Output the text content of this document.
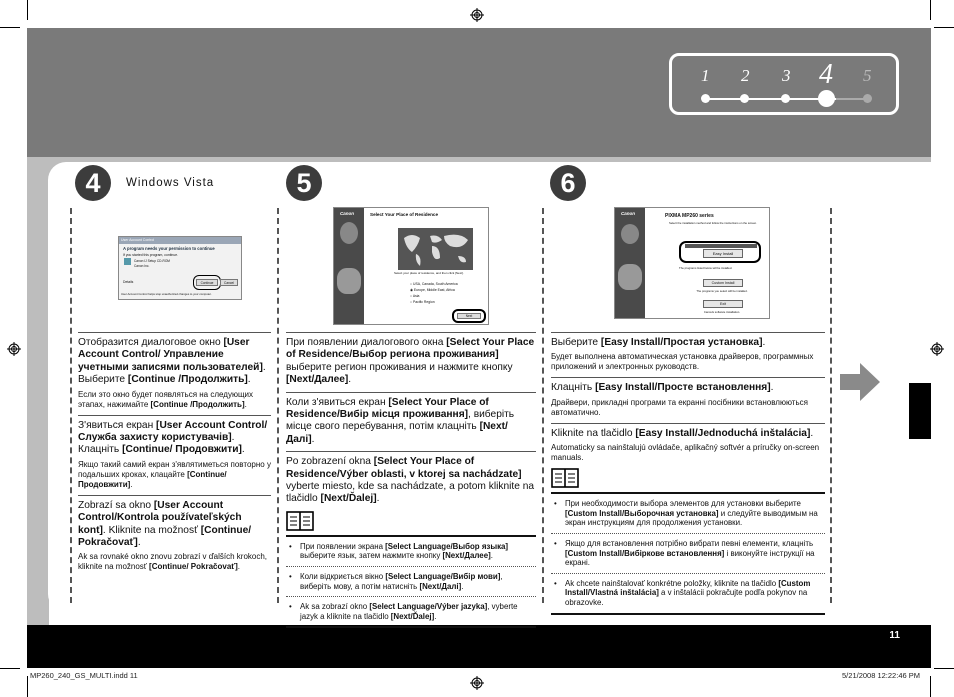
1 2 3 4 5
4	Windows Vista	5	6
User Account Control
A program needs your permission to continue
If you started this program, continue.
Canon IJ Setup CD-ROM
Canon Inc.
Details	Continue	Cancel
User Account Control helps stop unauthorized changes to your computer.
Canon	Select Your Place of Residence
Select your place of residence, and then click [Next].
○ USA, Canada, South America
◉ Europe, Middle East, Africa
○ Asia
○ Pacific Region
Next
Canon	PIXMA MP260 series
Select the installation method and follow the instructions on the screen.
Easy Install
The programs listed below will be installed.
Custom Install
The programs you select will be installed.
Exit
Cancels software installation.

Отобразится диалоговое окно [User Account Control/ Управление учетными записями пользователей]. Выберите [Continue /Продолжить].

Если это окно будет появляться на следующих этапах, нажимайте [Continue /Продолжить].

З'явиться екран [User Account Control/Служба захисту користувачів]. Клацніть [Continue/ Продовжити].

Якщо такий самий екран з'являтиметься повторно у подальших кроках, клацайте [Continue/Продовжити].

Zobrazí sa okno [User Account Control/Kontrola používateľských kont]. Kliknite na možnosť [Continue/ Pokračovať].

Ak sa rovnaké okno znovu zobrazí v ďalších krokoch, kliknite na možnosť [Continue/ Pokračovať].

При появлении диалогового окна [Select Your Place of Residence/Выбор региона проживания] выберите регион проживания и нажмите кнопку [Next/Далее].

Коли з'явиться екран [Select Your Place of Residence/Вибір місця проживання], виберіть місце свого перебування, потім клацніть [Next/Далі].

Po zobrazení okna [Select Your Place of Residence/Výber oblasti, v ktorej sa nachádzate] vyberte miesto, kde sa nachádzate, a potom kliknite na tlačidlo [Next/Ďalej].

• При появлении экрана [Select Language/Выбор языка] выберите язык, затем нажмите кнопку [Next/Далее].
• Коли відкриється вікно [Select Language/Вибір мови], виберіть мову, а потім натисніть [Next/Далі].
• Ak sa zobrazí okno [Select Language/Výber jazyka], vyberte jazyk a kliknite na tlačidlo [Next/Ďalej].

Выберите [Easy Install/Простая установка].

Будет выполнена автоматическая установка драйверов, программных приложений и электронных руководств.

Клацніть [Easy Install/Просте встановлення].

Драйвери, прикладні програми та екранні посібники встановлюються автоматично.

Kliknite na tlačidlo [Easy Install/Jednoduchá inštalácia].

Automaticky sa nainštalujú ovládače, aplikačný softvér a príručky on-screen manuals.

• При необходимости выбора элементов для установки выберите [Custom Install/Выборочная установка] и следуйте выводимым на экран инструкциям для продолжения установки.
• Якщо для встановлення потрібно вибрати певні елементи, клацніть [Custom Install/Вибіркове встановлення] і виконуйте інструкції на екрані.
• Ak chcete nainštalovať konkrétne položky, kliknite na tlačidlo [Custom Install/Vlastná inštalácia] a v inštalácii pokračujte podľa pokynov na obrazovke.
11
MP260_240_GS_MULTI.indd 11	5/21/2008 12:22:46 PM
